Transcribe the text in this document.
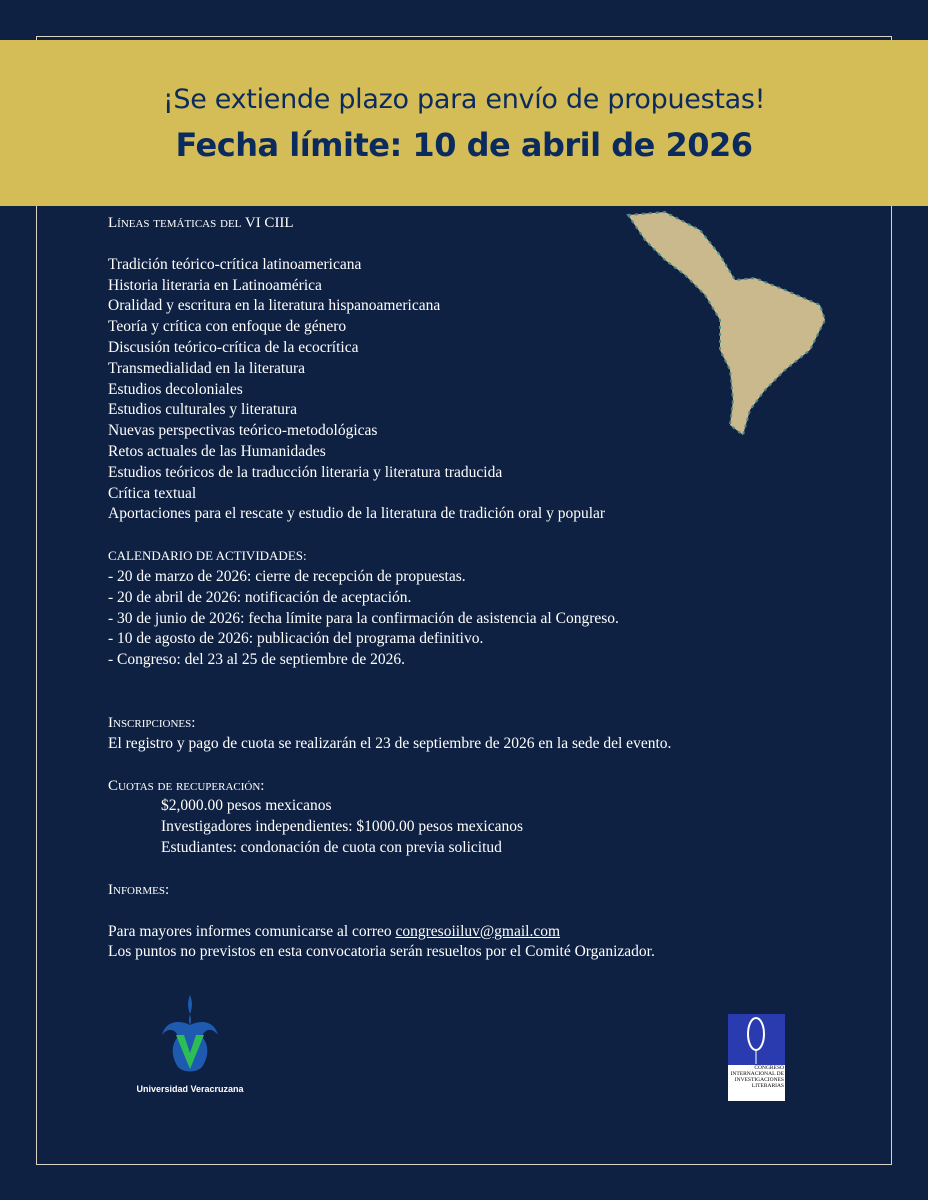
¡Se extiende plazo para envío de propuestas!
Fecha límite: 10 de abril de 2026
Líneas temáticas del VI CIIL
Tradición teórico-crítica latinoamericana
Historia literaria en Latinoamérica
Oralidad y escritura en la literatura hispanoamericana
Teoría y crítica con enfoque de género
Discusión teórico-crítica de la ecocrítica
Transmedialidad en la literatura
Estudios decoloniales
Estudios culturales y literatura
Nuevas perspectivas teórico-metodológicas
Retos actuales de las Humanidades
Estudios teóricos de la traducción literaria y literatura traducida
Crítica textual
Aportaciones para el rescate y estudio de la literatura de tradición oral y popular
CALENDARIO DE ACTIVIDADES:
- 20 de marzo de 2026: cierre de recepción de propuestas.
- 20 de abril de 2026: notificación de aceptación.
- 30 de junio de 2026: fecha límite para la confirmación de asistencia al Congreso.
- 10 de agosto de 2026: publicación del programa definitivo.
- Congreso: del 23 al 25 de septiembre de 2026.
Inscripciones:
El registro y pago de cuota se realizarán el 23 de septiembre de 2026 en la sede del evento.
Cuotas de recuperación:
$2,000.00 pesos mexicanos
Investigadores independientes: $1000.00 pesos mexicanos
Estudiantes: condonación de cuota con previa solicitud
Informes:
Para mayores informes comunicarse al correo congresoiiluv@gmail.com
Los puntos no previstos en esta convocatoria serán resueltos por el Comité Organizador.
Universidad Veracruzana
CONGRESO
INTERNACIONAL DE
INVESTIGACIONES
LITERARIAS
